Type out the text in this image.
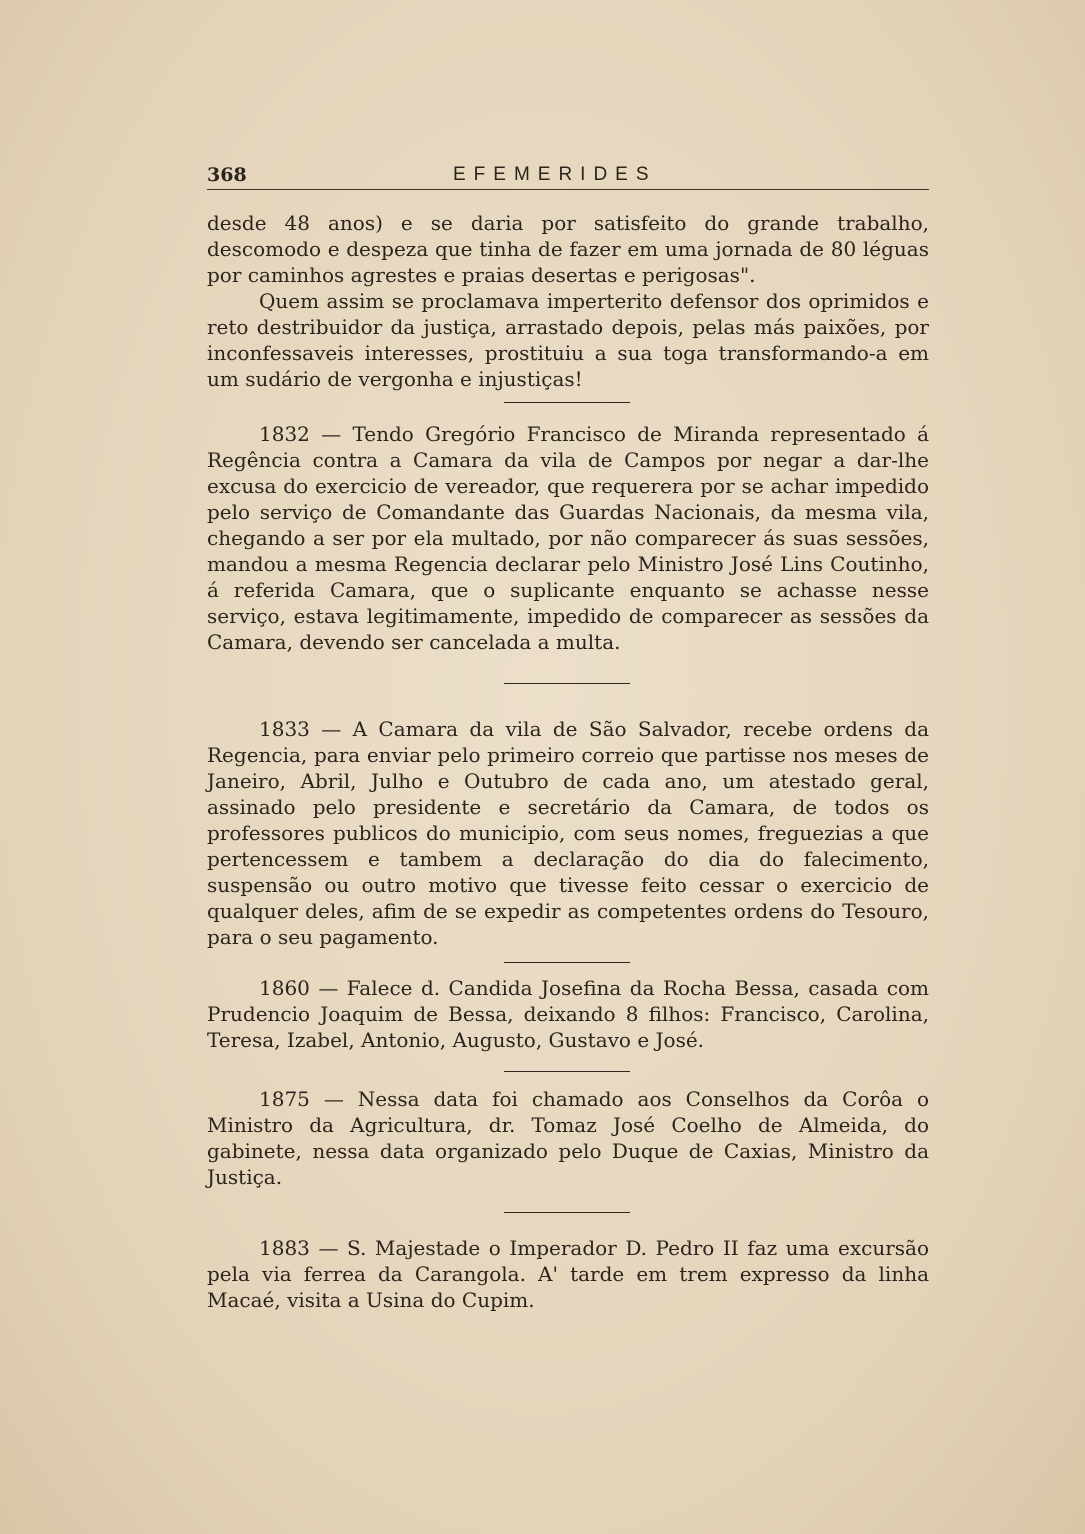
368	EFEMERIDES

desde 48 anos) e se daria por satisfeito do grande trabalho, descomodo e despeza que tinha de fazer em uma jornada de 80 léguas por caminhos agrestes e praias desertas e perigosas".

Quem assim se proclamava imperterito defensor dos oprimidos e reto destribuidor da justiça, arrastado depois, pelas más paixões, por inconfessaveis interesses, prostituiu a sua toga transformando-a em um sudário de vergonha e injustiças!

1832 — Tendo Gregório Francisco de Miranda representado á Regência contra a Camara da vila de Campos por negar a dar-lhe excusa do exercicio de vereador, que requerera por se achar impedido pelo serviço de Comandante das Guardas Nacionais, da mesma vila, chegando a ser por ela multado, por não comparecer ás suas sessões, mandou a mesma Regencia declarar pelo Ministro José Lins Coutinho, á referida Camara, que o suplicante enquanto se achasse nesse serviço, estava legitimamente, impedido de comparecer as sessões da Camara, devendo ser cancelada a multa.

1833 — A Camara da vila de São Salvador, recebe ordens da Regencia, para enviar pelo primeiro correio que partisse nos meses de Janeiro, Abril, Julho e Outubro de cada ano, um atestado geral, assinado pelo presidente e secretário da Camara, de todos os professores publicos do municipio, com seus nomes, freguezias a que pertencessem e tambem a declaração do dia do falecimento, suspensão ou outro motivo que tivesse feito cessar o exercicio de qualquer deles, afim de se expedir as competentes ordens do Tesouro, para o seu pagamento.

1860 — Falece d. Candida Josefina da Rocha Bessa, casada com Prudencio Joaquim de Bessa, deixando 8 filhos: Francisco, Carolina, Teresa, Izabel, Antonio, Augusto, Gustavo e José.

1875 — Nessa data foi chamado aos Conselhos da Corôa o Ministro da Agricultura, dr. Tomaz José Coelho de Almeida, do gabinete, nessa data organizado pelo Duque de Caxias, Ministro da Justiça.

1883 — S. Majestade o Imperador D. Pedro II faz uma excursão pela via ferrea da Carangola. A' tarde em trem expresso da linha Macaé, visita a Usina do Cupim.
